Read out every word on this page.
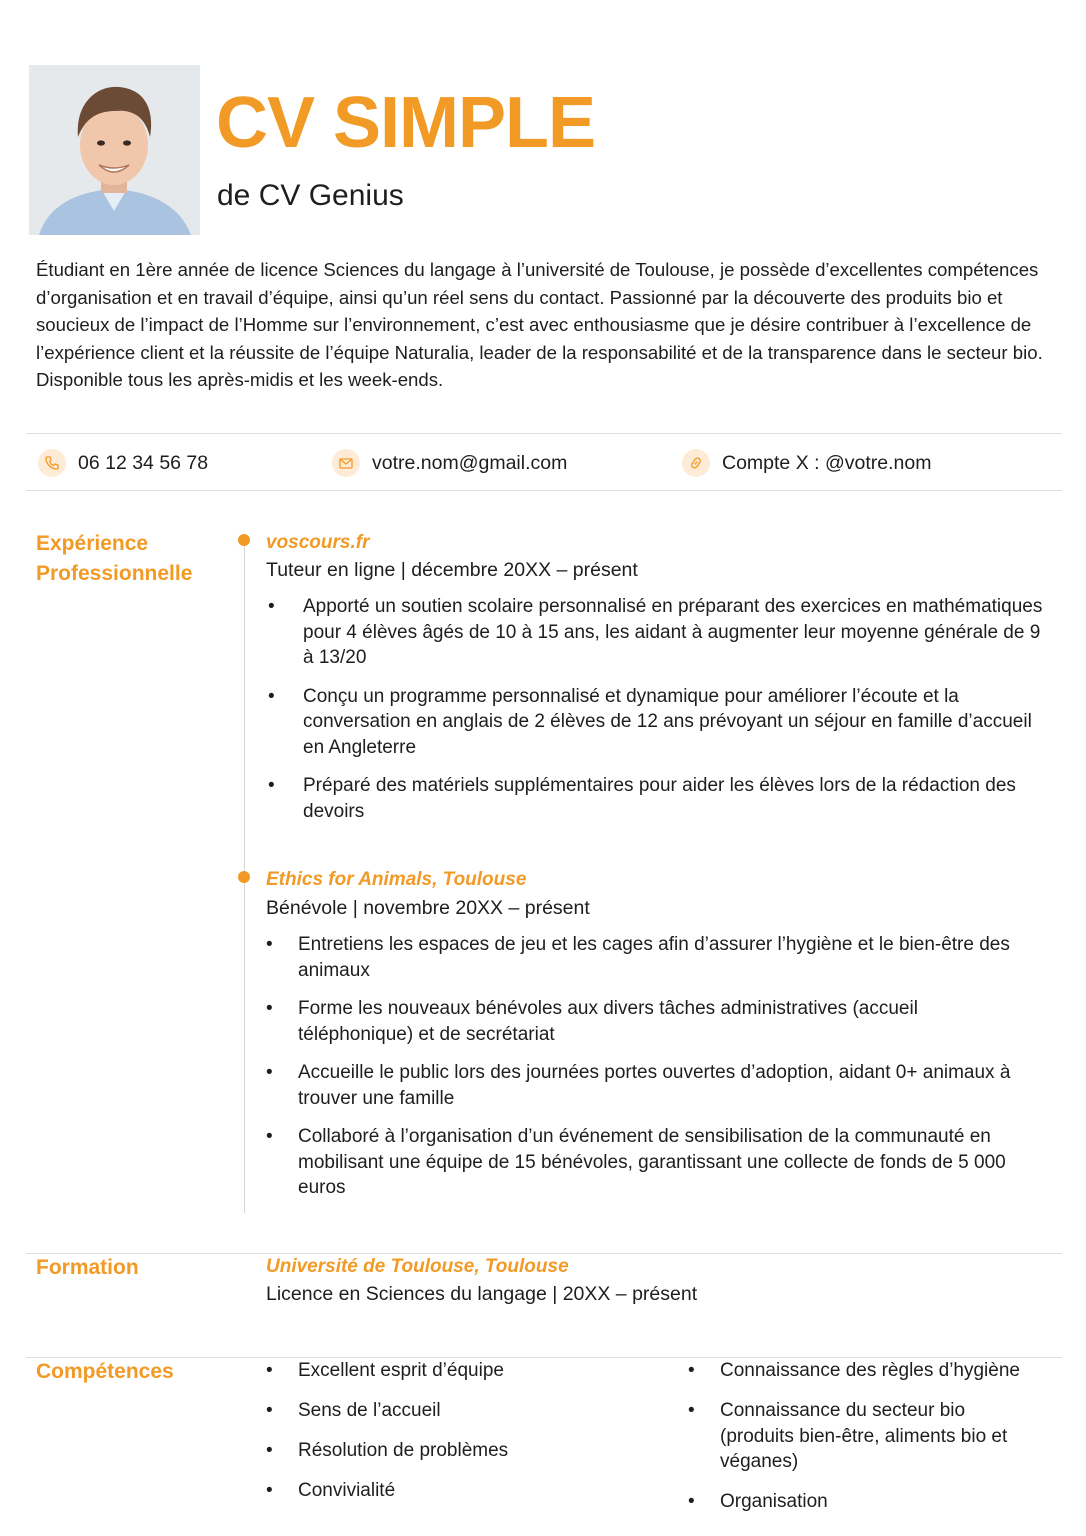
CV SIMPLE

de CV Genius

Étudiant en 1ère année de licence Sciences du langage à l’université de Toulouse, je possède d’excellentes compétences d’organisation et en travail d’équipe, ainsi qu’un réel sens du contact. Passionné par la découverte des produits bio et soucieux de l’impact de l’Homme sur l’environnement, c’est avec enthousiasme que je désire contribuer à l’excellence de l’expérience client et la réussite de l’équipe Naturalia, leader de la responsabilité et de la transparence dans le secteur bio. Disponible tous les après-midis et les week-ends.

06 12 34 56 78	votre.nom@gmail.com	Compte X : @votre.nom
Expérience Professionnelle

voscours.fr

Tuteur en ligne | décembre 20XX – présent

• Apporté un soutien scolaire personnalisé en préparant des exercices en mathématiques pour 4 élèves âgés de 10 à 15 ans, les aidant à augmenter leur moyenne générale de 9 à 13/20
• Conçu un programme personnalisé et dynamique pour améliorer l’écoute et la conversation en anglais de 2 élèves de 12 ans prévoyant un séjour en famille d’accueil en Angleterre
• Préparé des matériels supplémentaires pour aider les élèves lors de la rédaction des devoirs

Ethics for Animals, Toulouse

Bénévole | novembre 20XX – présent

• Entretiens les espaces de jeu et les cages afin d’assurer l’hygiène et le bien-être des animaux
• Forme les nouveaux bénévoles aux divers tâches administratives (accueil téléphonique) et de secrétariat
• Accueille le public lors des journées portes ouvertes d’adoption, aidant 0+ animaux à trouver une famille
• Collaboré à l’organisation d’un événement de sensibilisation de la communauté en mobilisant une équipe de 15 bénévoles, garantissant une collecte de fonds de 5 000 euros
Formation	Université de Toulouse, Toulouse

Licence en Sciences du langage | 20XX – présent

Compétences	• Excellent esprit d’équipe
• Sens de l’accueil
• Résolution de problèmes
• Convivialité
• Connaissance des règles d’hygiène
• Connaissance du secteur bio (produits bien-être, aliments bio et véganes)
• Organisation
